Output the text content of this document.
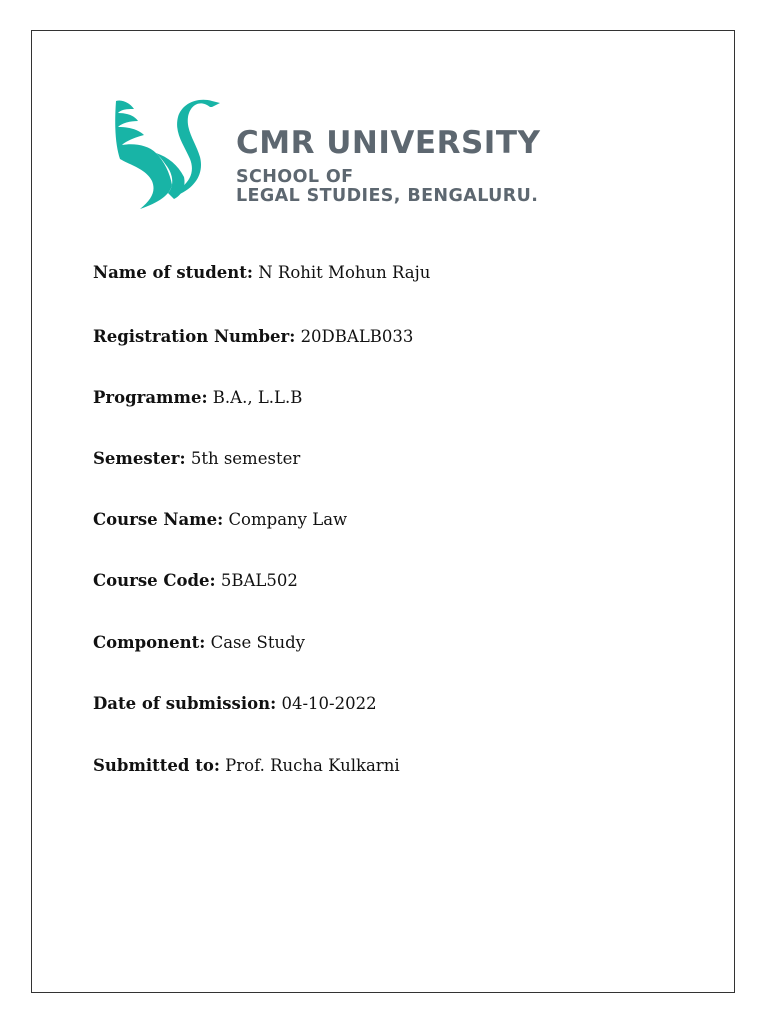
CMR UNIVERSITY
SCHOOL OF
LEGAL STUDIES, BENGALURU.
Name of student: N Rohit Mohun Raju
Registration Number: 20DBALB033
Programme: B.A., L.L.B
Semester: 5th semester
Course Name: Company Law
Course Code: 5BAL502
Component: Case Study
Date of submission: 04-10-2022
Submitted to: Prof. Rucha Kulkarni
